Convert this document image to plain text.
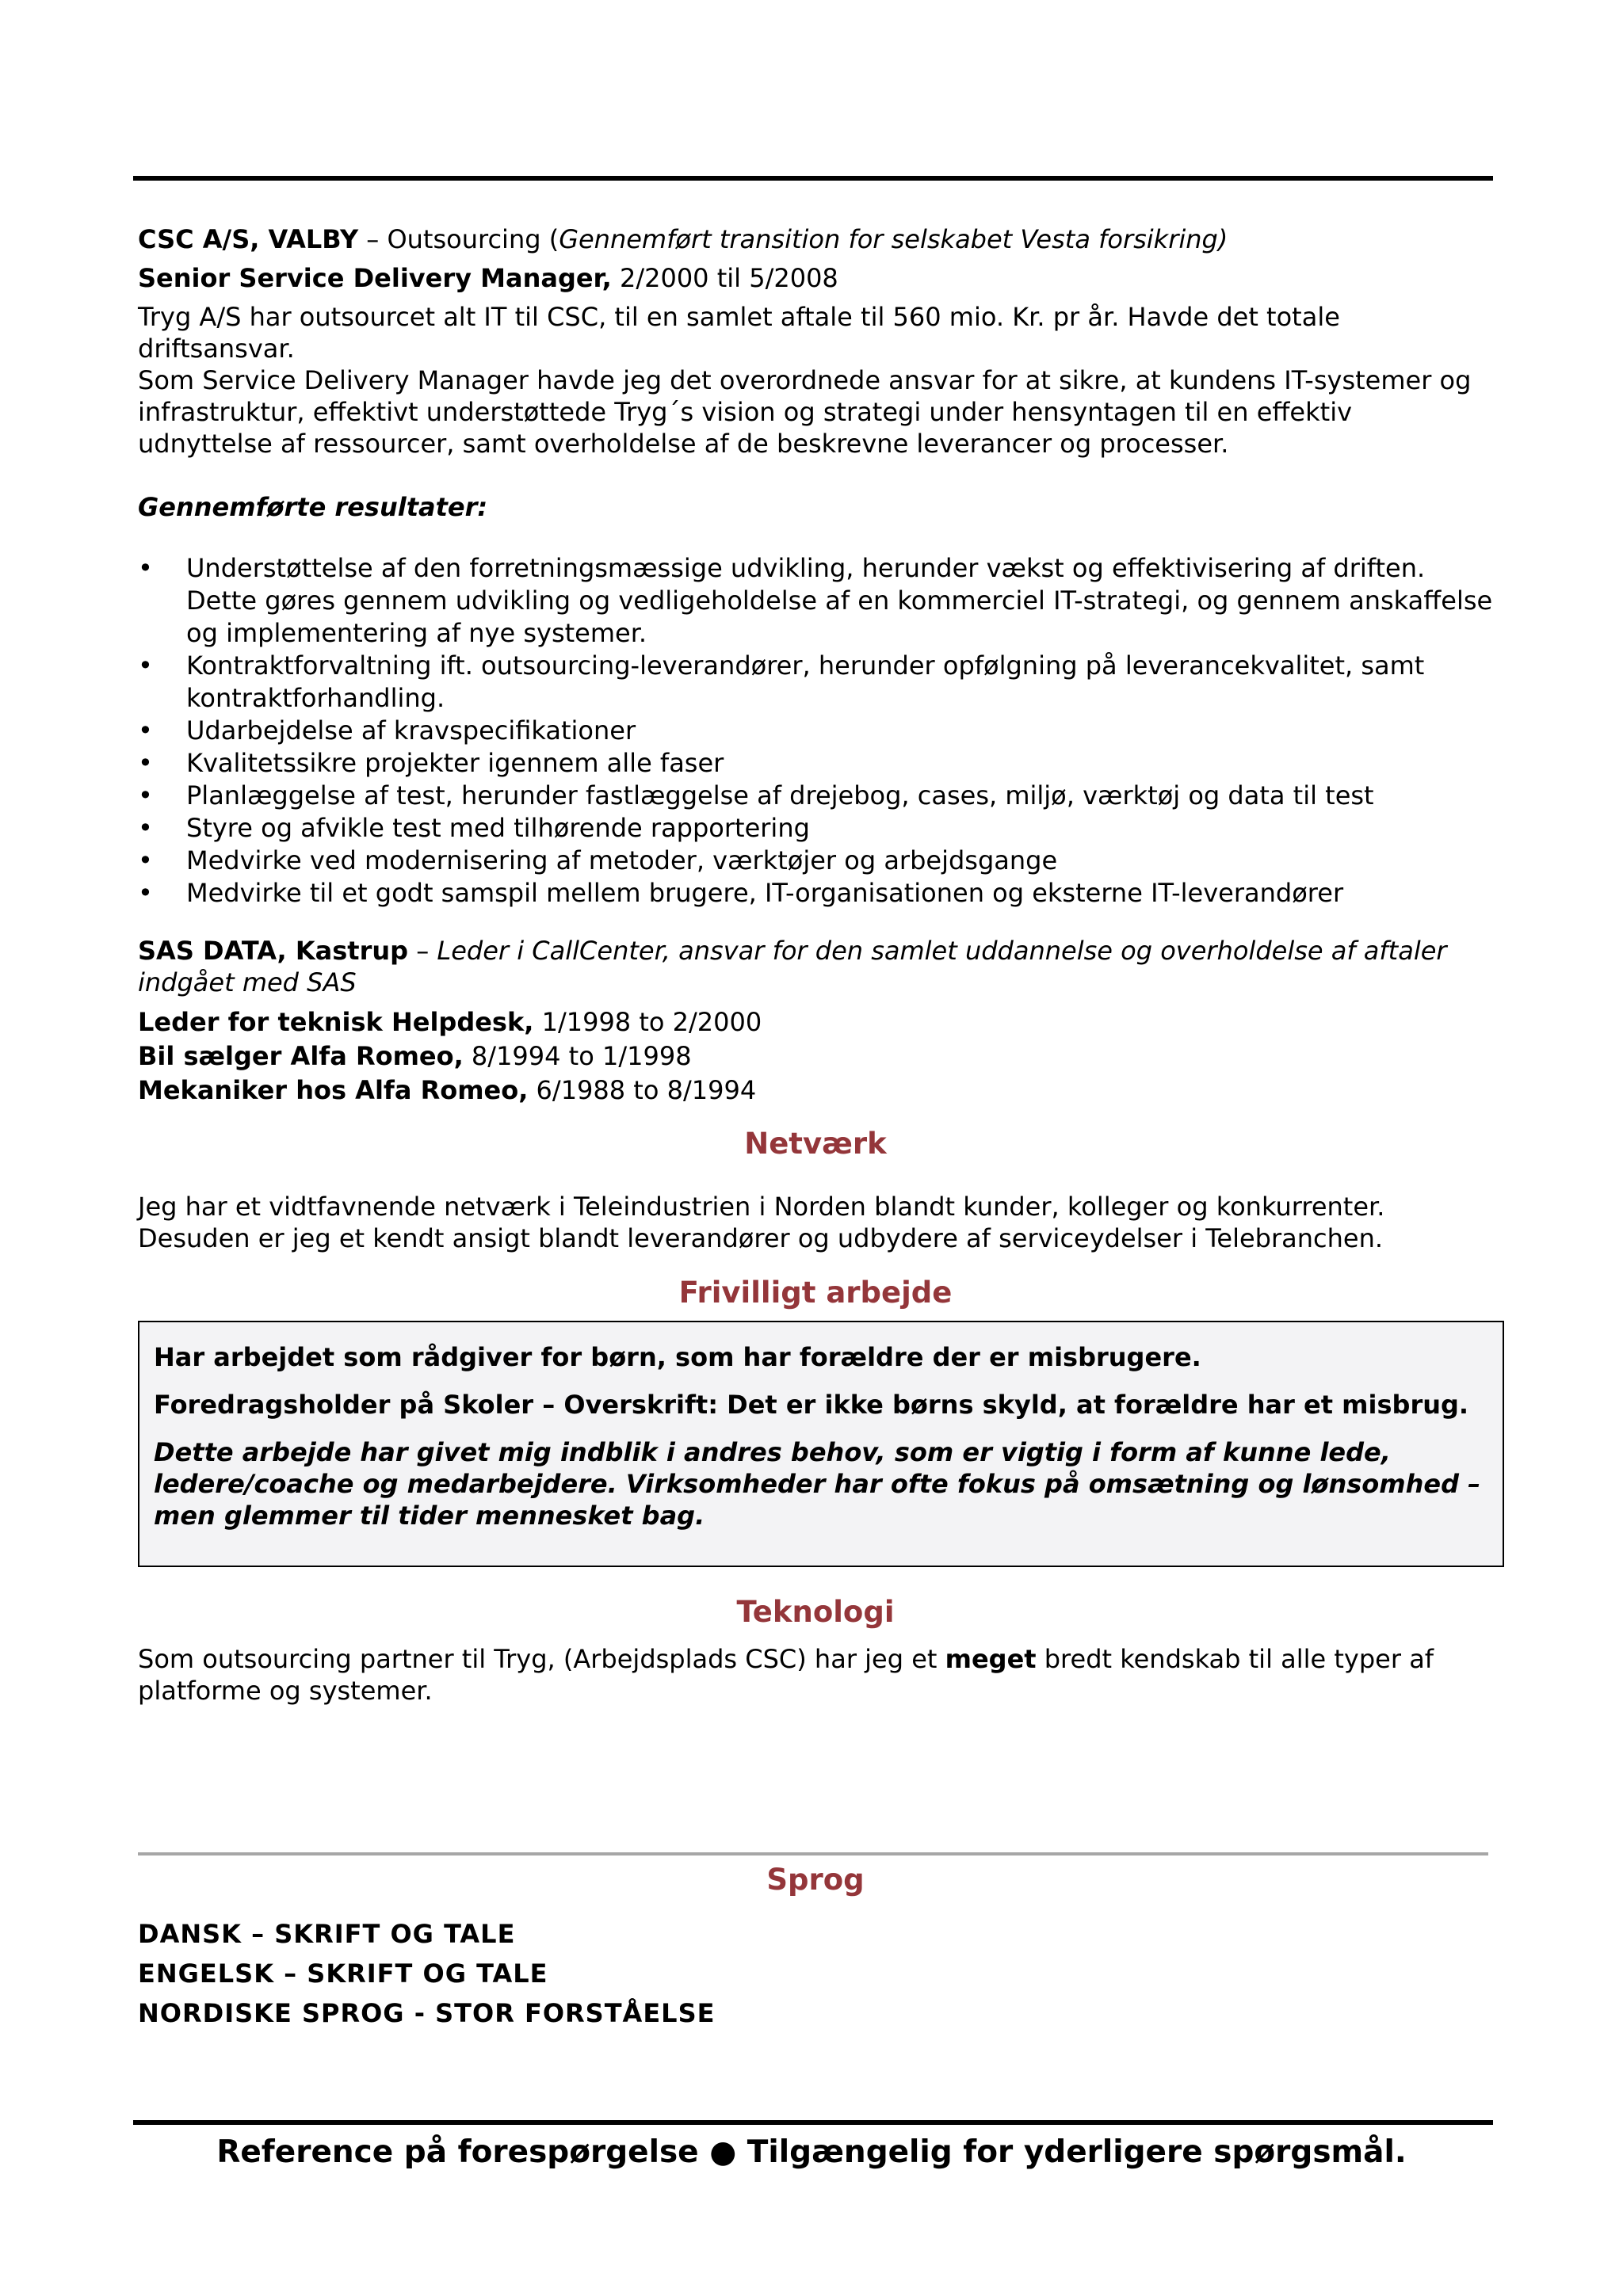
CSC A/S, VALBY – Outsourcing (Gennemført transition for selskabet Vesta forsikring)

Senior Service Delivery Manager, 2/2000 til 5/2008

Tryg A/S har outsourcet alt IT til CSC, til en samlet aftale til 560 mio. Kr. pr år. Havde det totale driftsansvar.

Som Service Delivery Manager havde jeg det overordnede ansvar for at sikre, at kundens IT-systemer og infrastruktur, effektivt understøttede Tryg´s vision og strategi under hensyntagen til en effektiv udnyttelse af ressourcer, samt overholdelse af de beskrevne leverancer og processer.

Gennemførte resultater:

• Understøttelse af den forretningsmæssige udvikling, herunder vækst og effektivisering af driften. Dette gøres gennem udvikling og vedligeholdelse af en kommerciel IT-strategi, og gennem anskaffelse og implementering af nye systemer.
• Kontraktforvaltning ift. outsourcing-leverandører, herunder opfølgning på leverancekvalitet, samt kontraktforhandling.
• Udarbejdelse af kravspecifikationer
• Kvalitetssikre projekter igennem alle faser
• Planlæggelse af test, herunder fastlæggelse af drejebog, cases, miljø, værktøj og data til test
• Styre og afvikle test med tilhørende rapportering
• Medvirke ved modernisering af metoder, værktøjer og arbejdsgange
• Medvirke til et godt samspil mellem brugere, IT-organisationen og eksterne IT-leverandører

SAS DATA, Kastrup – Leder i CallCenter, ansvar for den samlet uddannelse og overholdelse af aftaler indgået med SAS

Leder for teknisk Helpdesk, 1/1998 to 2/2000

Bil sælger Alfa Romeo, 8/1994 to 1/1998

Mekaniker hos Alfa Romeo, 6/1988 to 8/1994

Netværk

Jeg har et vidtfavnende netværk i Teleindustrien i Norden blandt kunder, kolleger og konkurrenter. Desuden er jeg et kendt ansigt blandt leverandører og udbydere af serviceydelser i Telebranchen.

Frivilligt arbejde

Har arbejdet som rådgiver for børn, som har forældre der er misbrugere.

Foredragsholder på Skoler – Overskrift: Det er ikke børns skyld, at forældre har et misbrug.

Dette arbejde har givet mig indblik i andres behov, som er vigtig i form af kunne lede, ledere/coache og medarbejdere. Virksomheder har ofte fokus på omsætning og lønsomhed – men glemmer til tider mennesket bag.

Teknologi

Som outsourcing partner til Tryg, (Arbejdsplads CSC) har jeg et meget bredt kendskab til alle typer af platforme og systemer.

Sprog

DANSK – SKRIFT OG TALE

ENGELSK – SKRIFT OG TALE

NORDISKE SPROG - STOR FORSTÅELSE

Reference på forespørgelse ● Tilgængelig for yderligere spørgsmål.
